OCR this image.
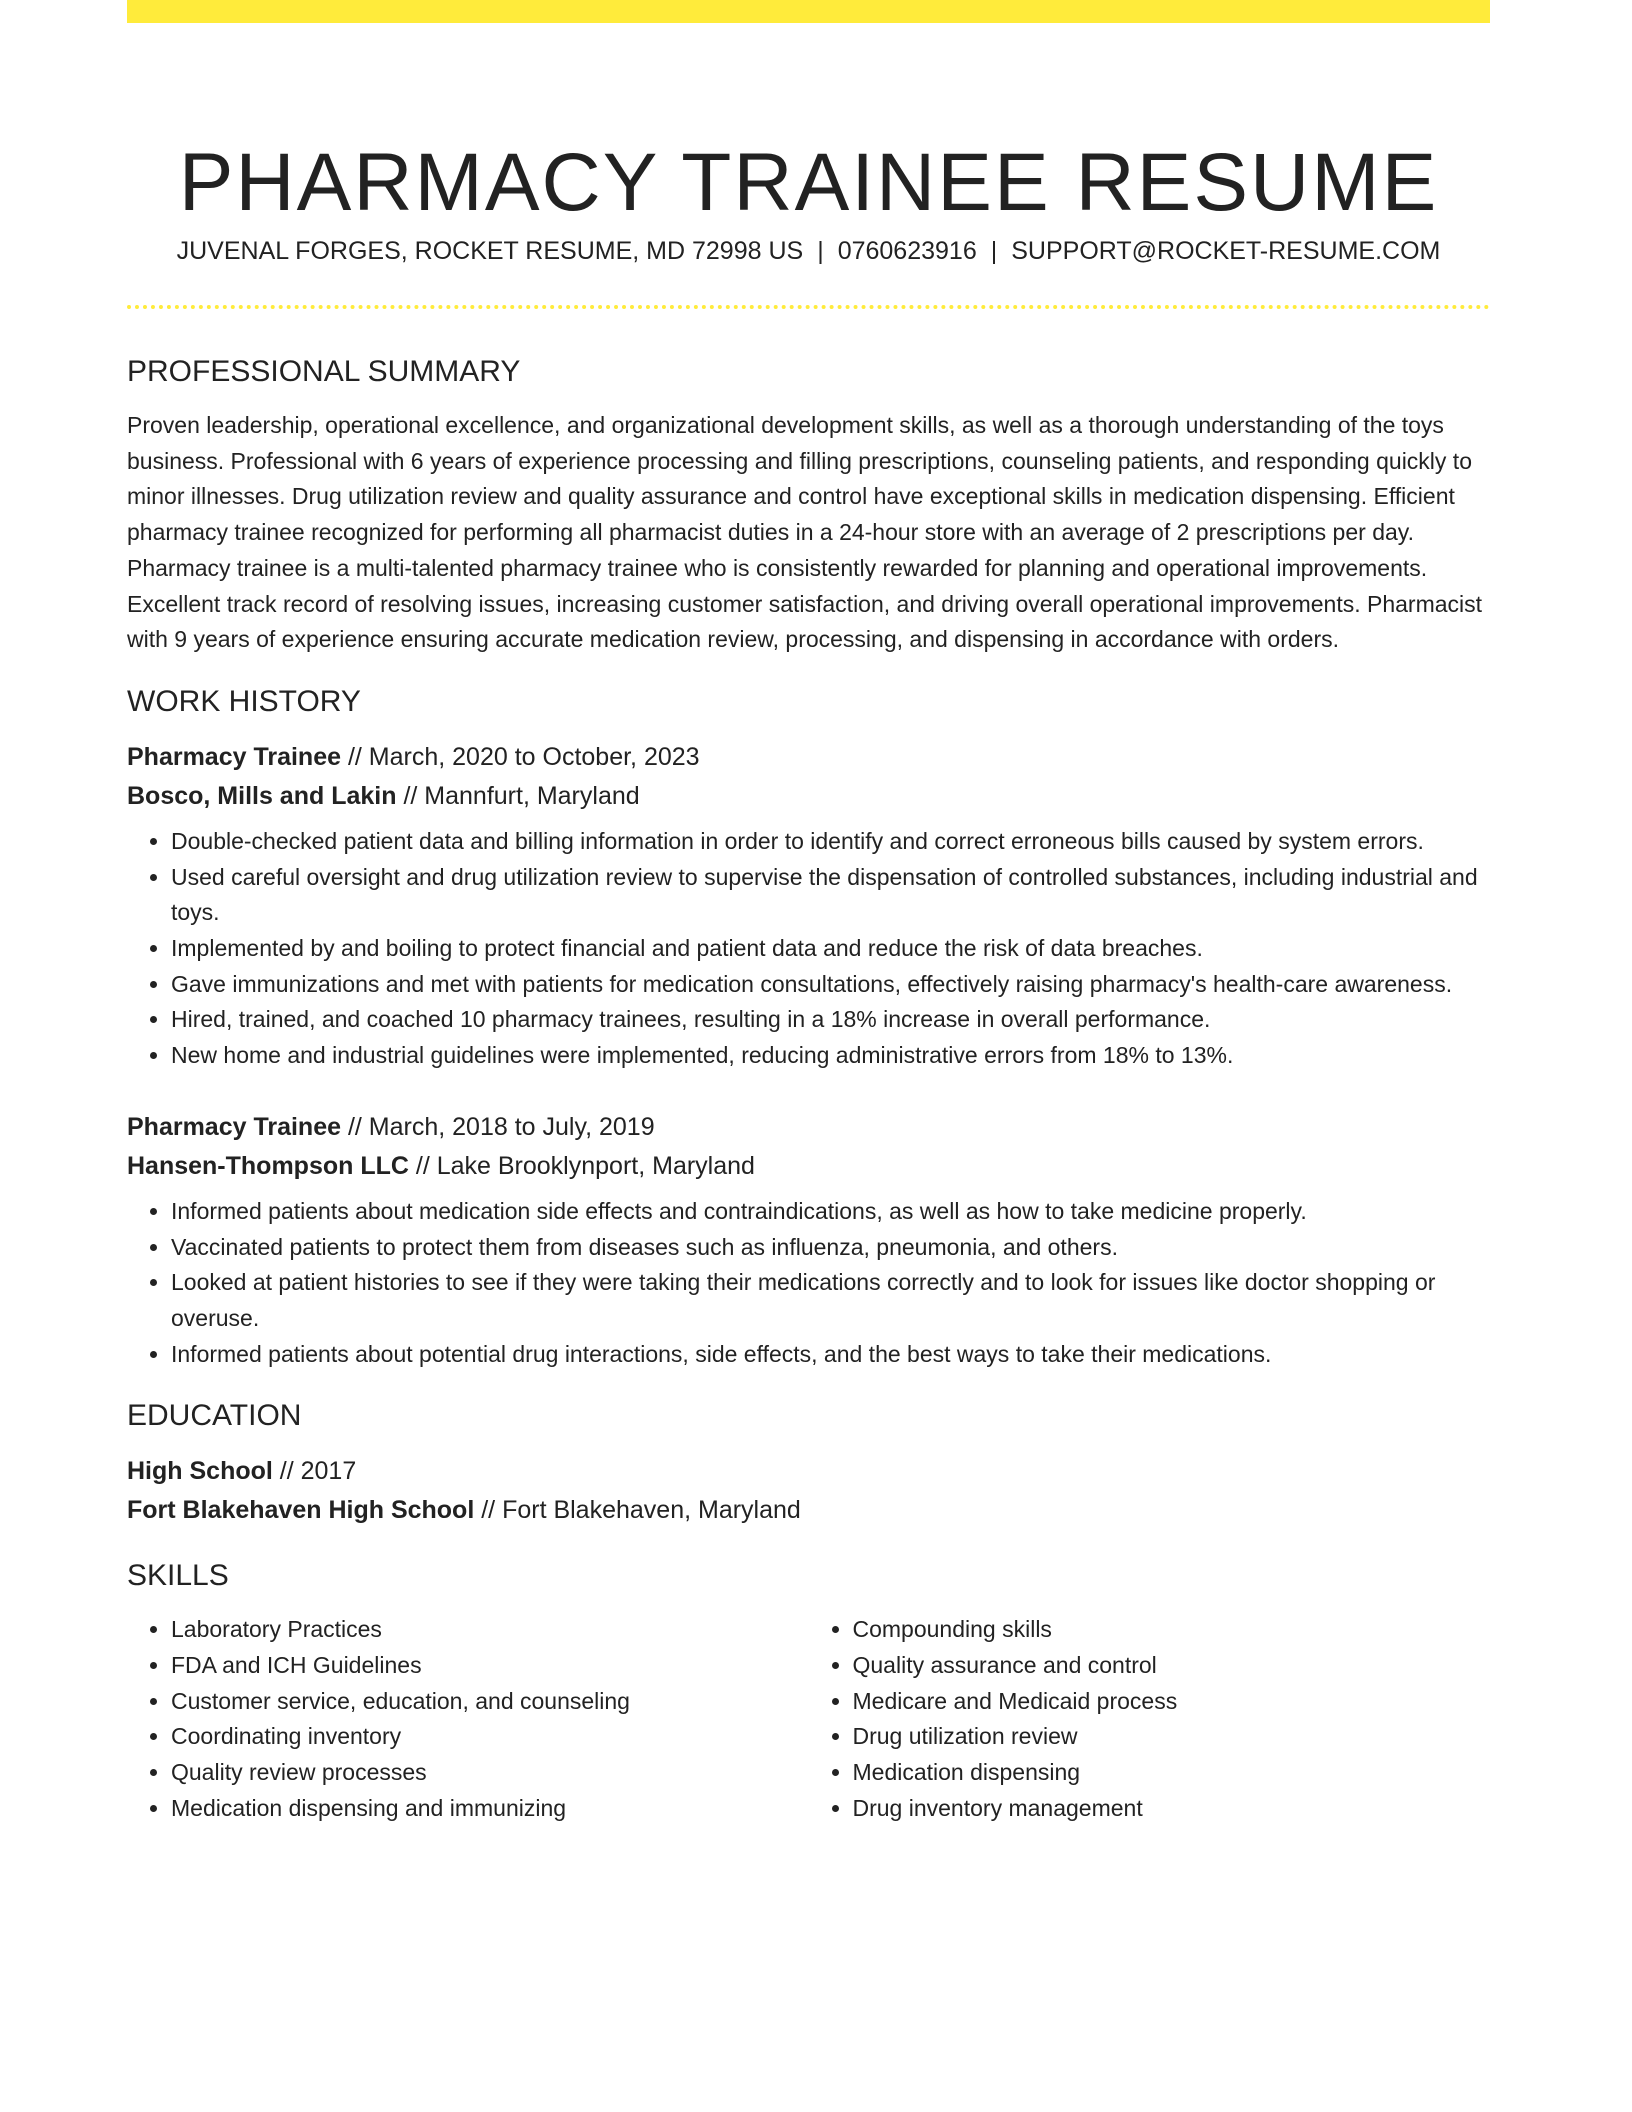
PHARMACY TRAINEE RESUME
JUVENAL FORGES, ROCKET RESUME, MD 72998 US | 0760623916 | SUPPORT@ROCKET-RESUME.COM
PROFESSIONAL SUMMARY

Proven leadership, operational excellence, and organizational development skills, as well as a thorough understanding of the toys business. Professional with 6 years of experience processing and filling prescriptions, counseling patients, and responding quickly to minor illnesses. Drug utilization review and quality assurance and control have exceptional skills in medication dispensing. Efficient pharmacy trainee recognized for performing all pharmacist duties in a 24-hour store with an average of 2 prescriptions per day. Pharmacy trainee is a multi-talented pharmacy trainee who is consistently rewarded for planning and operational improvements. Excellent track record of resolving issues, increasing customer satisfaction, and driving overall operational improvements. Pharmacist with 9 years of experience ensuring accurate medication review, processing, and dispensing in accordance with orders.

WORK HISTORY

Pharmacy Trainee // March, 2020 to October, 2023

Bosco, Mills and Lakin // Mannfurt, Maryland

• Double-checked patient data and billing information in order to identify and correct erroneous bills caused by system errors.
• Used careful oversight and drug utilization review to supervise the dispensation of controlled substances, including industrial and toys.
• Implemented by and boiling to protect financial and patient data and reduce the risk of data breaches.
• Gave immunizations and met with patients for medication consultations, effectively raising pharmacy's health-care awareness.
• Hired, trained, and coached 10 pharmacy trainees, resulting in a 18% increase in overall performance.
• New home and industrial guidelines were implemented, reducing administrative errors from 18% to 13%.

Pharmacy Trainee // March, 2018 to July, 2019

Hansen-Thompson LLC // Lake Brooklynport, Maryland

• Informed patients about medication side effects and contraindications, as well as how to take medicine properly.
• Vaccinated patients to protect them from diseases such as influenza, pneumonia, and others.
• Looked at patient histories to see if they were taking their medications correctly and to look for issues like doctor shopping or overuse.
• Informed patients about potential drug interactions, side effects, and the best ways to take their medications.
EDUCATION

High School // 2017

Fort Blakehaven High School // Fort Blakehaven, Maryland

SKILLS
• Laboratory Practices
• FDA and ICH Guidelines
• Customer service, education, and counseling
• Coordinating inventory
• Quality review processes
• Medication dispensing and immunizing
• Compounding skills
• Quality assurance and control
• Medicare and Medicaid process
• Drug utilization review
• Medication dispensing
• Drug inventory management
